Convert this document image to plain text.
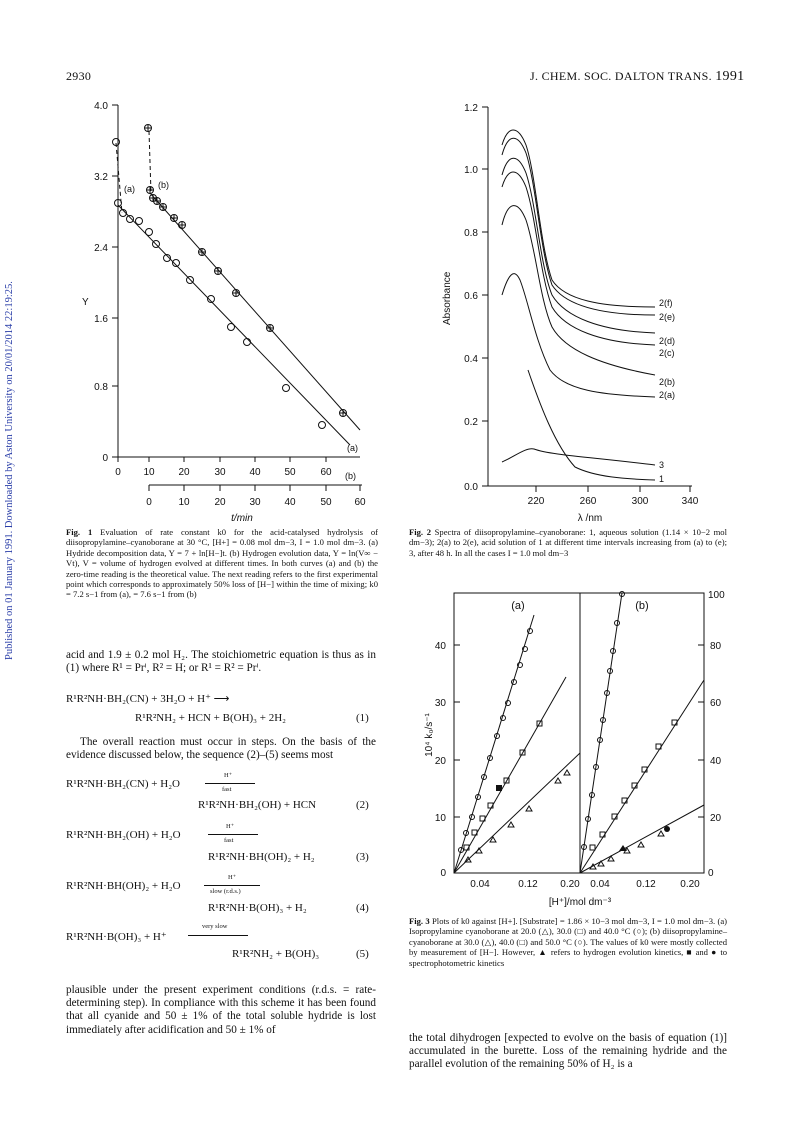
2930	J. CHEM. SOC. DALTON TRANS. 1991
Published on 01 January 1991. Downloaded by Aston University on 20/01/2014 22:19:25.
4.0
3.2
2.4
1.6
0.8
0
Y
0 10 20 30 40 50 60
0	10 20 30 40 50 60
t/min
(a)	(b)
(a)
(b)
Fig. 1 Evaluation of rate constant k0 for the acid-catalysed hydrolysis of diisopropylamine–cyanoborane at 30 °C, [H+] = 0.08 mol dm−3, I = 1.0 mol dm−3. (a) Hydride decomposition data, Y = 7 + ln[H−]t. (b) Hydrogen evolution data, Y = ln(V∞ − Vt), V = volume of hydrogen evolved at different times. In both curves (a) and (b) the zero-time reading is the theoretical value. The next reading refers to the first experimental point which corresponds to approximately 50% loss of [H−] within the time of mixing; k0 = 7.2 s−1 from (a), = 7.6 s−1 from (b)
1.2
1.0
0.8
0.6
0.4
0.2
0.0
220	260	300	340
λ /nm
Absorbance	2(f)
2(e)
2(d)
2(c)
2(b)
2(a)
3
1
Fig. 2 Spectra of diisopropylamine–cyanoborane: 1, aqueous solution (1.14 × 10−2 mol dm−3); 2(a) to 2(e), acid solution of 1 at different time intervals increasing from (a) to (e); 3, after 48 h. In all the cases I = 1.0 mol dm−3
0
10
20
30
40
0
20
40
60
80
100
0.04	0.12 0.20 0.04	0.12 0.20
[H⁺]/mol dm⁻³
10⁴ k₀/s⁻¹
(a)	(b)
Fig. 3 Plots of k0 against [H+]. [Substrate] = 1.86 × 10−3 mol dm−3, I = 1.0 mol dm−3. (a) Isopropylamine cyanoborane at 20.0 (△), 30.0 (□) and 40.0 °C (○); (b) diisopropylamine–cyanoborane at 30.0 (△), 40.0 (□) and 50.0 °C (○). The values of k0 were mostly collected by measurement of [H−]. However, ▲ refers to hydrogen evolution kinetics, ■ and ● to spectrophotometric kinetics
acid and 1.9 ± 0.2 mol H₂. The stoichiometric equation is thus as in (1) where R¹ = Prⁱ, R² = H; or R¹ = R² = Prⁱ.
R¹R²NH·BH₂(CN) + 3H₂O + H⁺ ⟶
R¹R²NH₂ + HCN + B(OH)₃ + 2H₂	(1)
The overall reaction must occur in steps. On the basis of the evidence discussed below, the sequence (2)–(5) seems most
R¹R²NH·BH₂(CN) + H₂O
H⁺
fast
R¹R²NH·BH₂(OH) + HCN	(2)
R¹R²NH·BH₂(OH) + H₂O
H⁺
fast
R¹R²NH·BH(OH)₂ + H₂	(3)
R¹R²NH·BH(OH)₂ + H₂O
H⁺
slow (r.d.s.)
R¹R²NH·B(OH)₃ + H₂	(4)
R¹R²NH·B(OH)₃ + H⁺
very slow
R¹R²NH₂ + B(OH)₃	(5)
plausible under the present experiment conditions (r.d.s. = rate-determining step). In compliance with this scheme it has been found that all cyanide and 50 ± 1% of the total soluble hydride is lost immediately after acidification and 50 ± 1% of
the total dihydrogen [expected to evolve on the basis of equation (1)] accumulated in the burette. Loss of the remaining hydride and the parallel evolution of the remaining 50% of H₂ is a
